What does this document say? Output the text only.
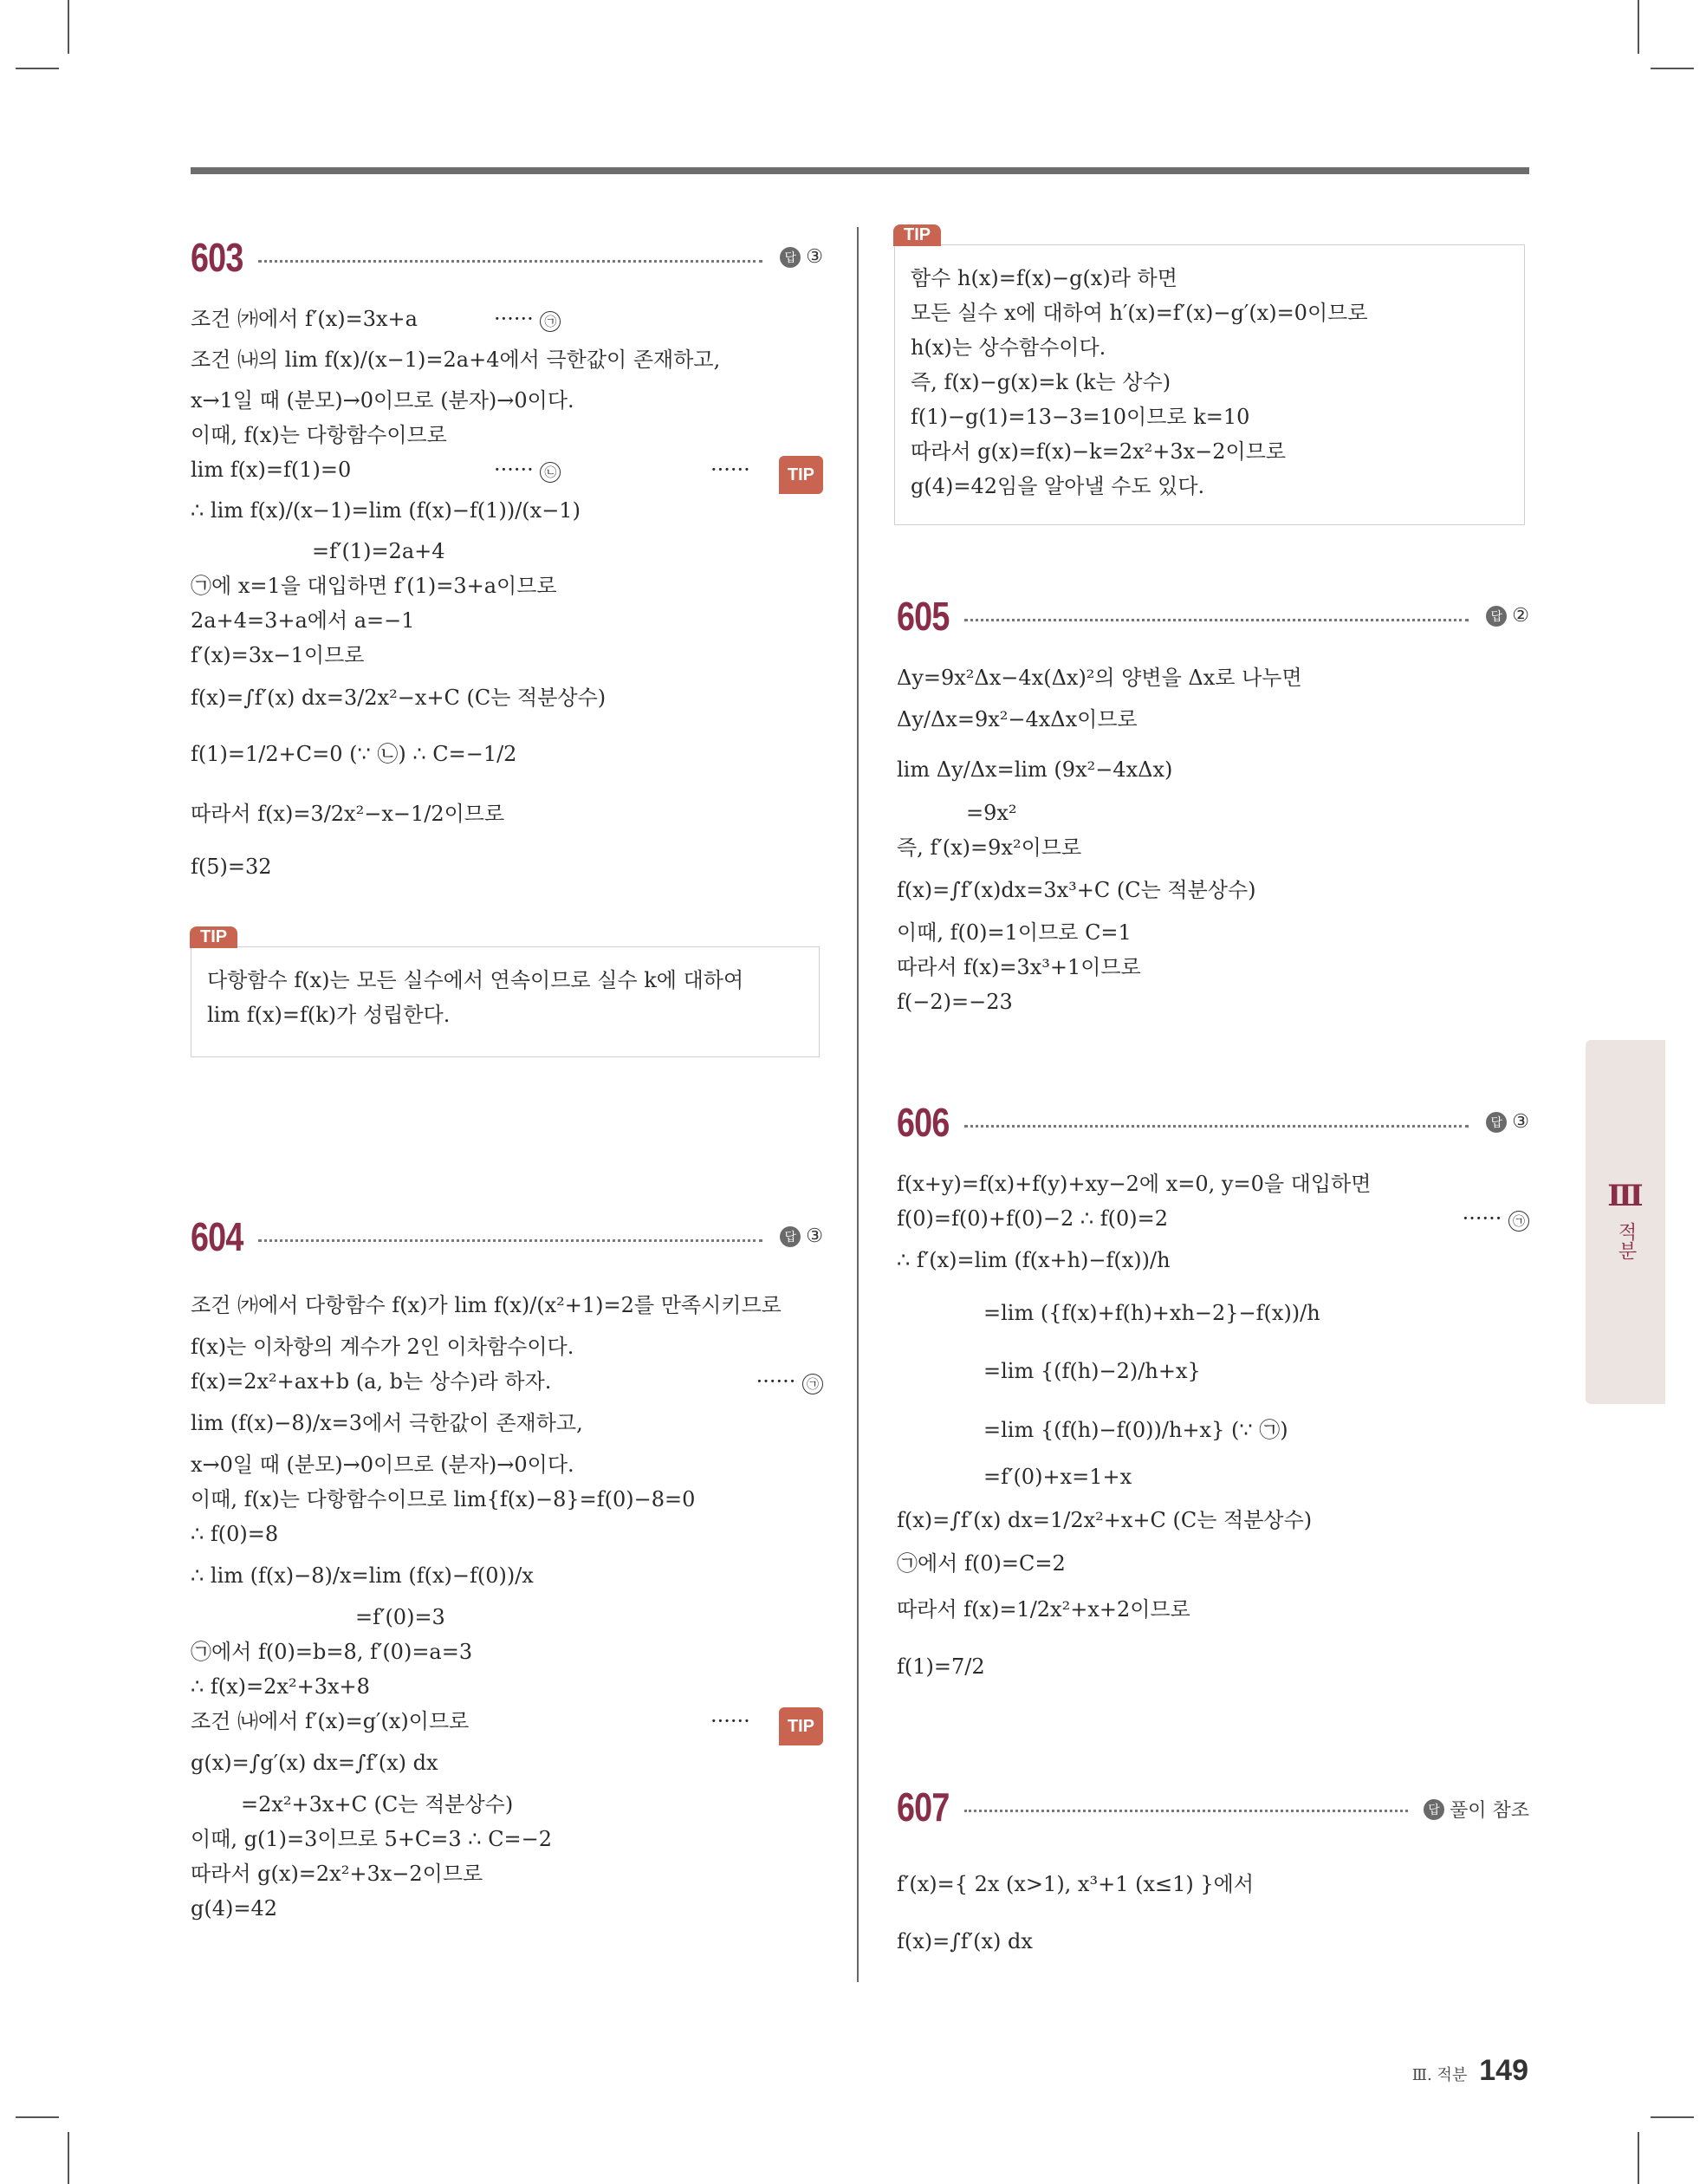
603	답 ③
조건 ㈎에서 f′(x)=3x+a	······ ㉠
조건 ㈏의 lim f(x)/(x−1)=2a+4에서 극한값이 존재하고,
x→1일 때 (분모)→0이므로 (분자)→0이다.
이때, f(x)는 다항함수이므로
lim f(x)=f(1)=0	······ ㉡	······	TIP
∴ lim f(x)/(x−1)=lim (f(x)−f(1))/(x−1)
=f′(1)=2a+4
㉠에 x=1을 대입하면 f′(1)=3+a이므로
2a+4=3+a에서 a=−1
f′(x)=3x−1이므로
f(x)=∫f′(x) dx=3/2x²−x+C (C는 적분상수)
f(1)=1/2+C=0 (∵ ㉡) ∴ C=−1/2
따라서 f(x)=3/2x²−x−1/2이므로
f(5)=32
TIP
다항함수 f(x)는 모든 실수에서 연속이므로 실수 k에 대하여
lim f(x)=f(k)가 성립한다.
604	답 ③
조건 ㈎에서 다항함수 f(x)가 lim f(x)/(x²+1)=2를 만족시키므로
f(x)는 이차항의 계수가 2인 이차함수이다.
f(x)=2x²+ax+b (a, b는 상수)라 하자.	······ ㉠
lim (f(x)−8)/x=3에서 극한값이 존재하고,
x→0일 때 (분모)→0이므로 (분자)→0이다.
이때, f(x)는 다항함수이므로 lim{f(x)−8}=f(0)−8=0
∴ f(0)=8
∴ lim (f(x)−8)/x=lim (f(x)−f(0))/x
=f′(0)=3
㉠에서 f(0)=b=8, f′(0)=a=3
∴ f(x)=2x²+3x+8
조건 ㈏에서 f′(x)=g′(x)이므로	······	TIP
g(x)=∫g′(x) dx=∫f′(x) dx
=2x²+3x+C (C는 적분상수)
이때, g(1)=3이므로 5+C=3 ∴ C=−2
따라서 g(x)=2x²+3x−2이므로
g(4)=42
TIP
함수 h(x)=f(x)−g(x)라 하면
모든 실수 x에 대하여 h′(x)=f′(x)−g′(x)=0이므로
h(x)는 상수함수이다.
즉, f(x)−g(x)=k (k는 상수)
f(1)−g(1)=13−3=10이므로 k=10
따라서 g(x)=f(x)−k=2x²+3x−2이므로
g(4)=42임을 알아낼 수도 있다.
605	답 ②
Δy=9x²Δx−4x(Δx)²의 양변을 Δx로 나누면
Δy/Δx=9x²−4xΔx이므로
lim Δy/Δx=lim (9x²−4xΔx)
=9x²
즉, f′(x)=9x²이므로
f(x)=∫f′(x)dx=3x³+C (C는 적분상수)
이때, f(0)=1이므로 C=1
따라서 f(x)=3x³+1이므로
f(−2)=−23
606	답 ③
f(x+y)=f(x)+f(y)+xy−2에 x=0, y=0을 대입하면
f(0)=f(0)+f(0)−2 ∴ f(0)=2	······ ㉠
∴ f′(x)=lim (f(x+h)−f(x))/h
=lim ({f(x)+f(h)+xh−2}−f(x))/h
=lim {(f(h)−2)/h+x}
=lim {(f(h)−f(0))/h+x} (∵ ㉠)
=f′(0)+x=1+x
f(x)=∫f′(x) dx=1/2x²+x+C (C는 적분상수)
㉠에서 f(0)=C=2
따라서 f(x)=1/2x²+x+2이므로
f(1)=7/2
607	답 풀이 참조
f′(x)={ 2x (x>1), x³+1 (x≤1) }에서
f(x)=∫f′(x) dx
Ⅲ
적분
Ⅲ. 적분 149
